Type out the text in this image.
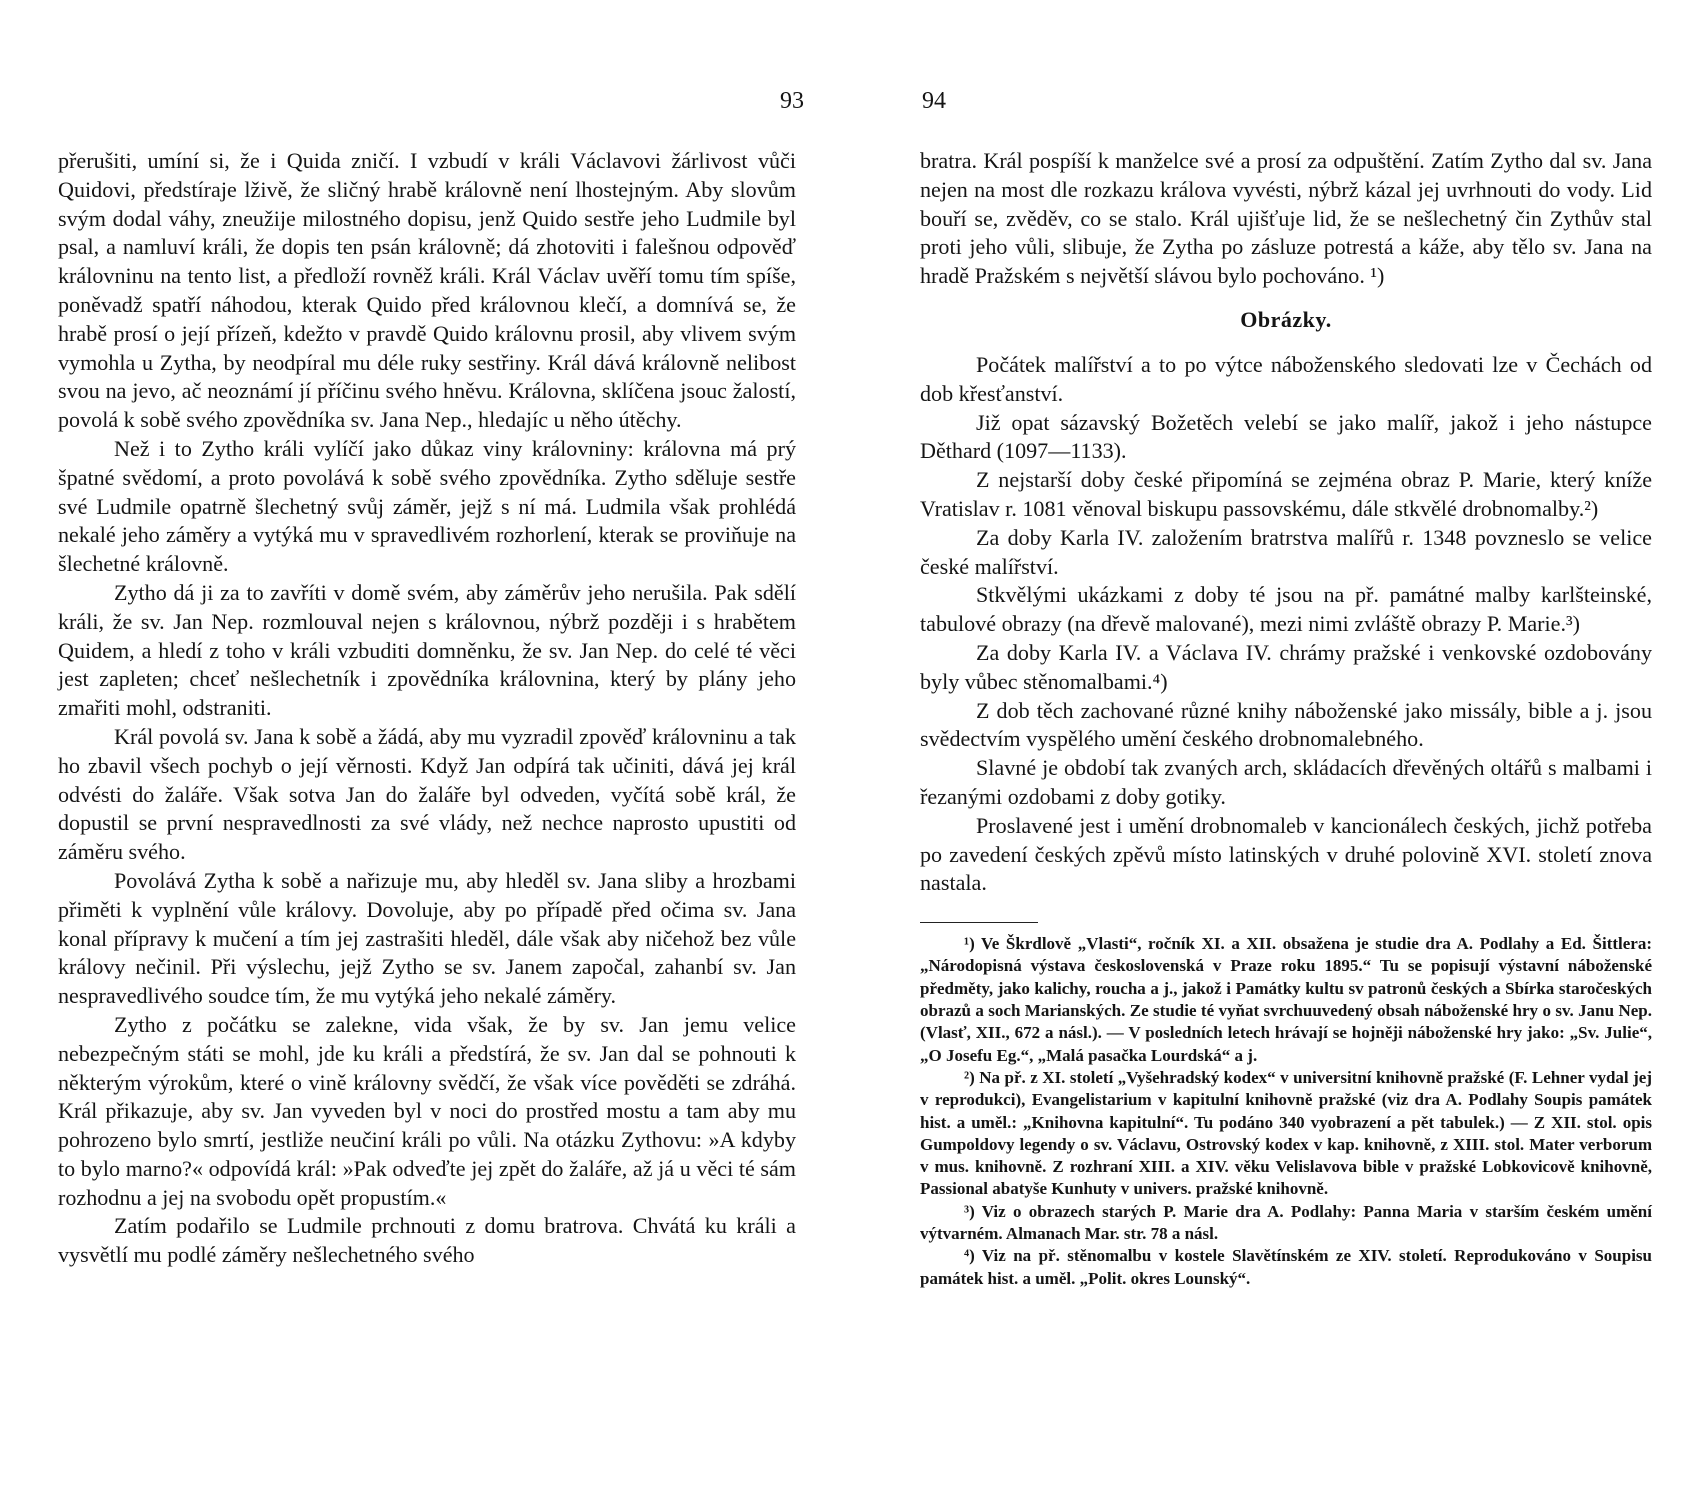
93

přerušiti, umíní si, že i Quida zničí. I vzbudí v králi Václavovi žárlivost vůči Quidovi, předstíraje lživě, že sličný hrabě královně není lhostejným. Aby slovům svým dodal váhy, zneužije milostného dopisu, jenž Quido sestře jeho Ludmile byl psal, a namluví králi, že dopis ten psán královně; dá zhotoviti i falešnou odpověď královninu na tento list, a předloží rovněž králi. Král Václav uvěří tomu tím spíše, poněvadž spatří náhodou, kterak Quido před královnou klečí, a domnívá se, že hrabě prosí o její přízeň, kdežto v pravdě Quido královnu prosil, aby vlivem svým vymohla u Zytha, by neodpíral mu déle ruky sestřiny. Král dává královně nelibost svou na jevo, ač neoznámí jí příčinu svého hněvu. Královna, sklíčena jsouc žalostí, povolá k sobě svého zpovědníka sv. Jana Nep., hledajíc u něho útěchy.

Než i to Zytho králi vylíčí jako důkaz viny královniny: královna má prý špatné svědomí, a proto povolává k sobě svého zpovědníka. Zytho sděluje sestře své Ludmile opatrně šlechetný svůj záměr, jejž s ní má. Ludmila však prohlédá nekalé jeho záměry a vytýká mu v spravedlivém rozhorlení, kterak se proviňuje na šlechetné královně.

Zytho dá ji za to zavříti v domě svém, aby záměrův jeho nerušila. Pak sdělí králi, že sv. Jan Nep. rozmlouval nejen s královnou, nýbrž později i s hrabětem Quidem, a hledí z toho v králi vzbuditi domněnku, že sv. Jan Nep. do celé té věci jest zapleten; chceť nešlechetník i zpovědníka královnina, který by plány jeho zmařiti mohl, odstraniti.

Král povolá sv. Jana k sobě a žádá, aby mu vyzradil zpověď královninu a tak ho zbavil všech pochyb o její věrnosti. Když Jan odpírá tak učiniti, dává jej král odvésti do žaláře. Však sotva Jan do žaláře byl odveden, vyčítá sobě král, že dopustil se první nespravedlnosti za své vlády, než nechce naprosto upustiti od záměru svého.

Povolává Zytha k sobě a nařizuje mu, aby hleděl sv. Jana sliby a hrozbami přiměti k vyplnění vůle královy. Dovoluje, aby po případě před očima sv. Jana konal přípravy k mučení a tím jej zastrašiti hleděl, dále však aby ničehož bez vůle královy nečinil. Při výslechu, jejž Zytho se sv. Janem započal, zahanbí sv. Jan nespravedlivého soudce tím, že mu vytýká jeho nekalé záměry.

Zytho z počátku se zalekne, vida však, že by sv. Jan jemu velice nebezpečným státi se mohl, jde ku králi a předstírá, že sv. Jan dal se pohnouti k některým výrokům, které o vině královny svědčí, že však více pověděti se zdráhá. Král přikazuje, aby sv. Jan vyveden byl v noci do prostřed mostu a tam aby mu pohrozeno bylo smrtí, jestliže neučiní králi po vůli. Na otázku Zythovu: »A kdyby to bylo marno?« odpovídá král: »Pak odveďte jej zpět do žaláře, až já u věci té sám rozhodnu a jej na svobodu opět propustím.«

Zatím podařilo se Ludmile prchnouti z domu bratrova. Chvátá ku králi a vysvětlí mu podlé záměry nešlechetného svého

94

bratra. Král pospíší k manželce své a prosí za odpuštění. Zatím Zytho dal sv. Jana nejen na most dle rozkazu králova vyvésti, nýbrž kázal jej uvrhnouti do vody. Lid bouří se, zvěděv, co se stalo. Král ujišťuje lid, že se nešlechetný čin Zythův stal proti jeho vůli, slibuje, že Zytha po zásluze potrestá a káže, aby tělo sv. Jana na hradě Pražském s největší slávou bylo pochováno. ¹)

Obrázky.

Počátek malířství a to po výtce náboženského sledovati lze v Čechách od dob křesťanství.

Již opat sázavský Božetěch velebí se jako malíř, jakož i jeho nástupce Děthard (1097—1133).

Z nejstarší doby české připomíná se zejména obraz P. Marie, který kníže Vratislav r. 1081 věnoval biskupu passovskému, dále stkvělé drobnomalby.²)

Za doby Karla IV. založením bratrstva malířů r. 1348 povzneslo se velice české malířství.

Stkvělými ukázkami z doby té jsou na př. památné malby karlšteinské, tabulové obrazy (na dřevě malované), mezi nimi zvláště obrazy P. Marie.³)

Za doby Karla IV. a Václava IV. chrámy pražské i venkovské ozdobovány byly vůbec stěnomalbami.⁴)

Z dob těch zachované různé knihy náboženské jako missály, bible a j. jsou svědectvím vyspělého umění českého drobnomalebného.

Slavné je období tak zvaných arch, skládacích dřevěných oltářů s malbami i řezanými ozdobami z doby gotiky.

Proslavené jest i umění drobnomaleb v kancionálech českých, jichž potřeba po zavedení českých zpěvů místo latinských v druhé polovině XVI. století znova nastala.

¹) Ve Škrdlově „Vlasti“, ročník XI. a XII. obsažena je studie dra A. Podlahy a Ed. Šittlera: „Národopisná výstava československá v Praze roku 1895.“ Tu se popisují výstavní náboženské předměty, jako kalichy, roucha a j., jakož i Památky kultu sv patronů českých a Sbírka staročeských obrazů a soch Marianských. Ze studie té vyňat svrchuuvedený obsah náboženské hry o sv. Janu Nep. (Vlasť, XII., 672 a násl.). — V posledních letech hrávají se hojněji náboženské hry jako: „Sv. Julie“, „O Josefu Eg.“, „Malá pasačka Lourdská“ a j.

²) Na př. z XI. století „Vyšehradský kodex“ v universitní knihovně pražské (F. Lehner vydal jej v reprodukci), Evangelistarium v kapitulní knihovně pražské (viz dra A. Podlahy Soupis památek hist. a uměl.: „Knihovna kapitulní“. Tu podáno 340 vyobrazení a pět tabulek.) — Z XII. stol. opis Gumpoldovy legendy o sv. Václavu, Ostrovský kodex v kap. knihovně, z XIII. stol. Mater verborum v mus. knihovně. Z rozhraní XIII. a XIV. věku Velislavova bible v pražské Lobkovicově knihovně, Passional abatyše Kunhuty v univers. pražské knihovně.

³) Viz o obrazech starých P. Marie dra A. Podlahy: Panna Maria v starším českém umění výtvarném. Almanach Mar. str. 78 a násl.

⁴) Viz na př. stěnomalbu v kostele Slavětínském ze XIV. století. Reprodukováno v Soupisu památek hist. a uměl. „Polit. okres Lounský“.
